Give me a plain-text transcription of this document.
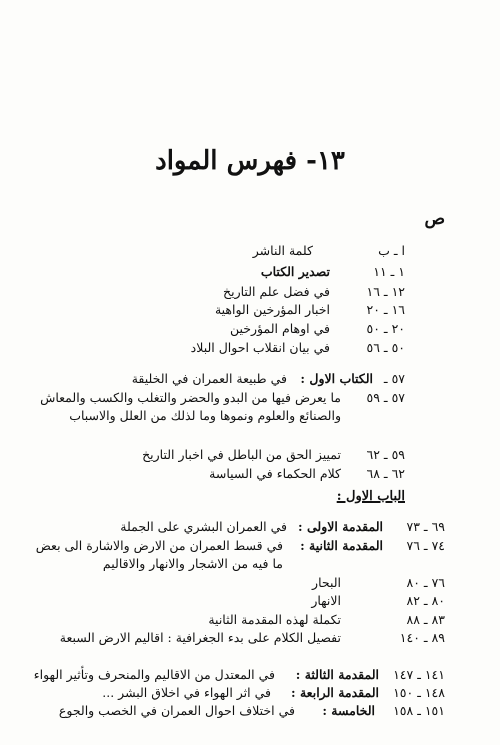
١٣- فهرس المواد
ص
ا ـ ب
كلمة الناشر
١ ـ ١١
تصدير الكتاب
١٢ ـ ١٦
في فضل علم التاريخ
١٦ ـ ٢٠
اخبار المؤرخين الواهية
٢٠ ـ ٥٠
في اوهام المؤرخين
٥٠ ـ ٥٦
في بيان انقلاب احوال البلاد
٥٧ ـ
الكتاب الاول :
في طبيعة العمران في الخليقة
٥٧ ـ ٥٩
ما يعرض فيها من البدو والحضر والتغلب والكسب والمعاش والصنائع والعلوم ونموها وما لذلك من العلل والاسباب
٥٩ ـ ٦٢
تمييز الحق من الباطل في اخبار التاريخ
٦٢ ـ ٦٨
كلام الحكماء في السياسة
الباب الاول :
٦٩ ـ ٧٣
المقدمة الاولى :
في العمران البشري على الجملة
٧٤ ـ ٧٦
المقدمة الثانية :
في قسط العمران من الارض والاشارة الى بعض ما فيه من الاشجار والانهار والاقاليم
٧٦ ـ ٨٠
البحار
٨٠ ـ ٨٢
الانهار
٨٣ ـ ٨٨
تكملة لهذه المقدمة الثانية
٨٩ ـ ١٤٠
تفصيل الكلام على بدء الجغرافية : اقاليم الارض السبعة
١٤١ ـ ١٤٧
المقدمة الثالثة :
في المعتدل من الاقاليم والمنحرف وتأثير الهواء
١٤٨ ـ ١٥٠
المقدمة الرابعة :
في اثر الهواء في اخلاق البشر ...
١٥١ ـ ١٥٨
الخامسة :
في اختلاف احوال العمران في الخصب والجوع
